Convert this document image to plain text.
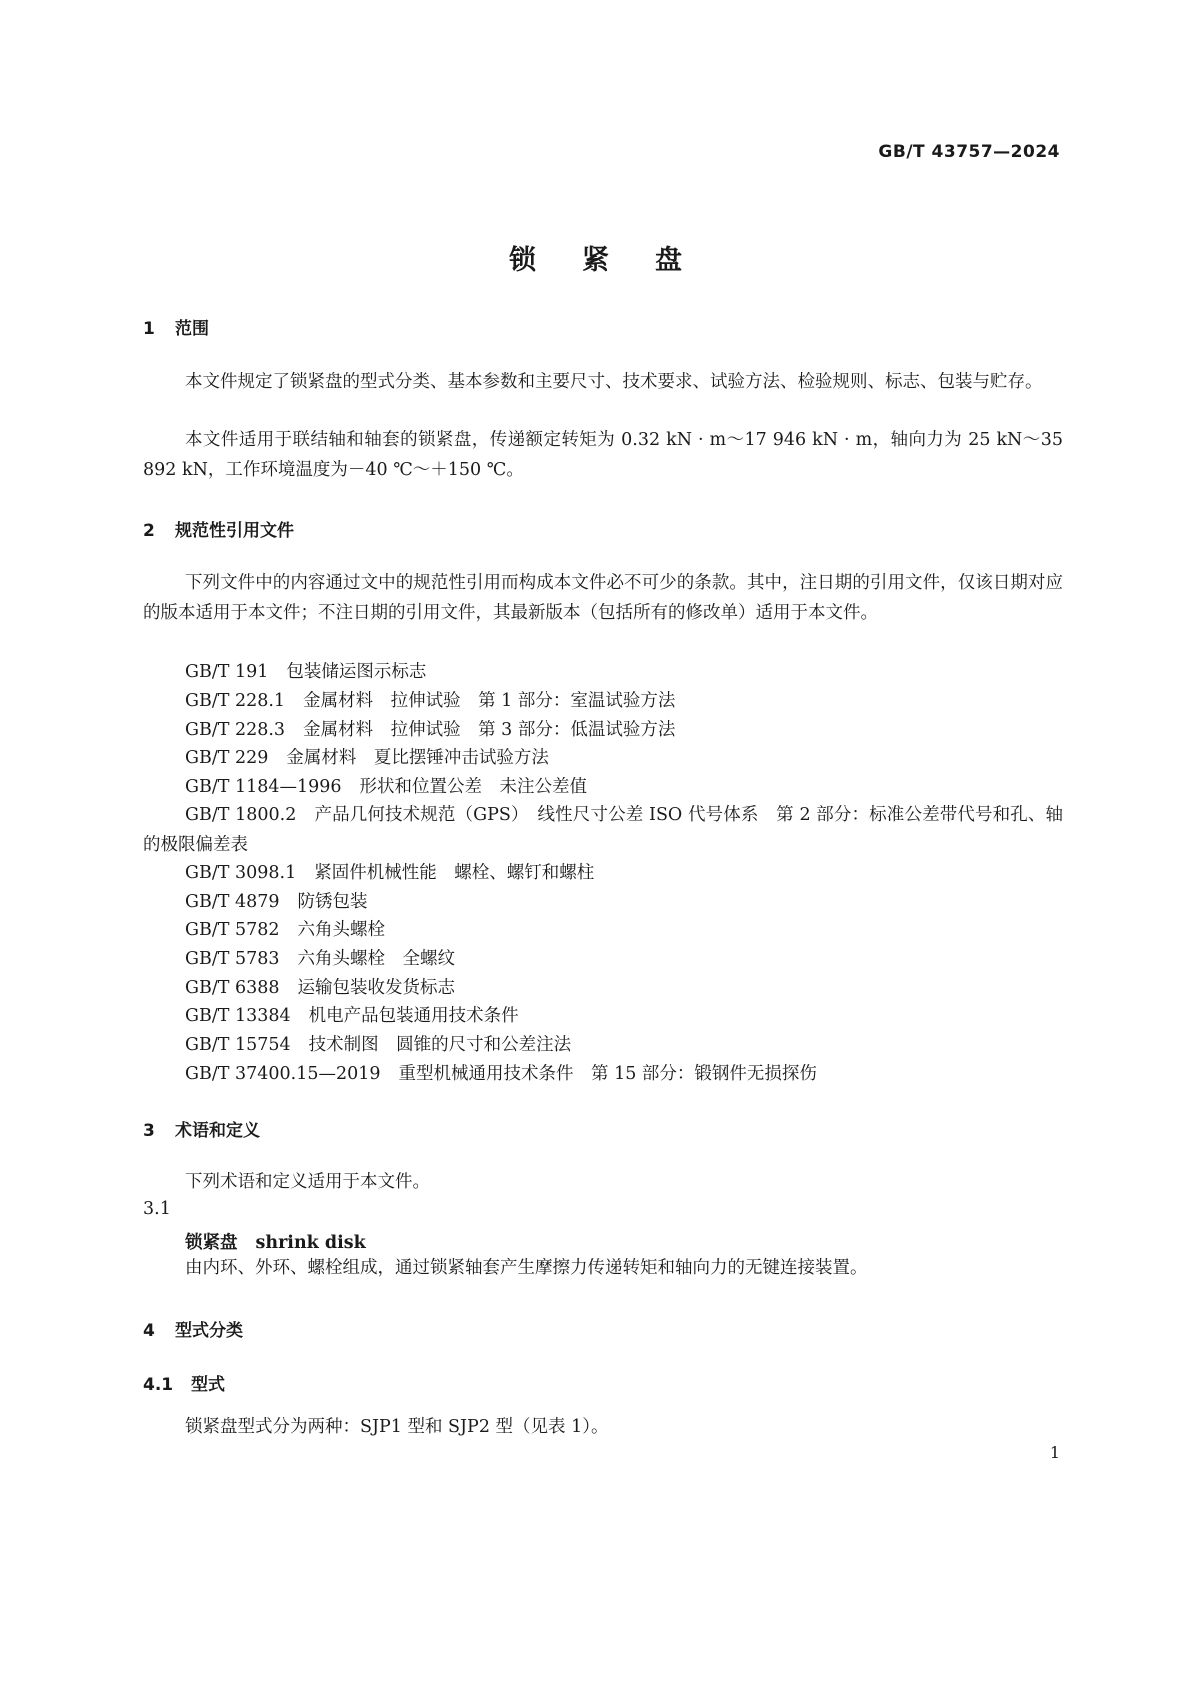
GB/T 43757—2024
锁紧盘
1 范围
本文件规定了锁紧盘的型式分类、基本参数和主要尺寸、技术要求、试验方法、检验规则、标志、包装与贮存。
本文件适用于联结轴和轴套的锁紧盘，传递额定转矩为 0.32 kN · m～17 946 kN · m，轴向力为 25 kN～35 892 kN，工作环境温度为－40 ℃～＋150 ℃。
2 规范性引用文件
下列文件中的内容通过文中的规范性引用而构成本文件必不可少的条款。其中，注日期的引用文件，仅该日期对应的版本适用于本文件；不注日期的引用文件，其最新版本（包括所有的修改单）适用于本文件。
GB/T 191 包装储运图示标志
GB/T 228.1 金属材料　拉伸试验　第 1 部分：室温试验方法
GB/T 228.3 金属材料　拉伸试验　第 3 部分：低温试验方法
GB/T 229 金属材料　夏比摆锤冲击试验方法
GB/T 1184—1996 形状和位置公差　未注公差值
GB/T 1800.2 产品几何技术规范（GPS）　线性尺寸公差 ISO 代号体系　第 2 部分：标准公差带代号和孔、轴的极限偏差表
GB/T 3098.1 紧固件机械性能　螺栓、螺钉和螺柱
GB/T 4879 防锈包装
GB/T 5782 六角头螺栓
GB/T 5783 六角头螺栓　全螺纹
GB/T 6388 运输包装收发货标志
GB/T 13384 机电产品包装通用技术条件
GB/T 15754 技术制图　圆锥的尺寸和公差注法
GB/T 37400.15—2019 重型机械通用技术条件　第 15 部分：锻钢件无损探伤
3 术语和定义
下列术语和定义适用于本文件。
3.1
锁紧盘 shrink disk
由内环、外环、螺栓组成，通过锁紧轴套产生摩擦力传递转矩和轴向力的无键连接装置。
4 型式分类
4.1 型式
锁紧盘型式分为两种：SJP1 型和 SJP2 型（见表 1）。
1
